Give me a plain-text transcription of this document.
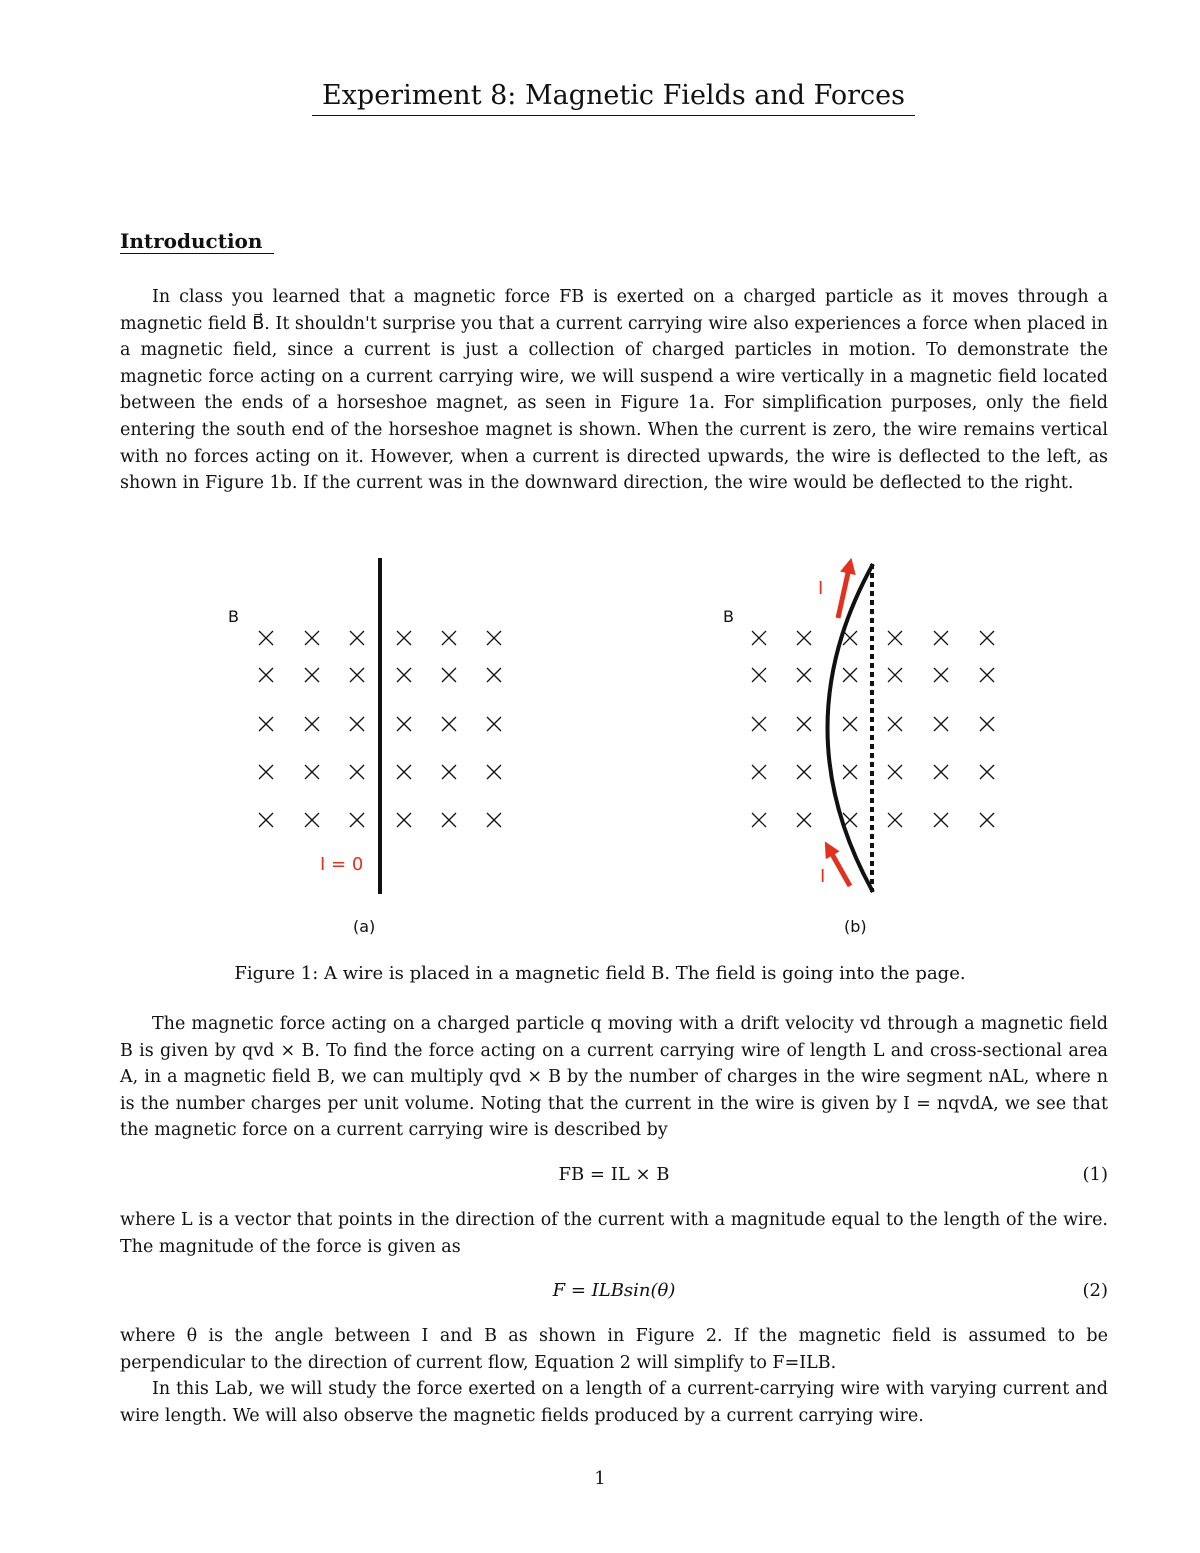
Experiment 8: Magnetic Fields and Forces
Introduction

In class you learned that a magnetic force FB is exerted on a charged particle as it moves through a magnetic field B⃗. It shouldn't surprise you that a current carrying wire also experiences a force when placed in a magnetic field, since a current is just a collection of charged particles in motion. To demonstrate the magnetic force acting on a current carrying wire, we will suspend a wire vertically in a magnetic field located between the ends of a horseshoe magnet, as seen in Figure 1a. For simplification purposes, only the field entering the south end of the horseshoe magnet is shown. When the current is zero, the wire remains vertical with no forces acting on it. However, when a current is directed upwards, the wire is deflected to the left, as shown in Figure 1b. If the current was in the downward direction, the wire would be deflected to the right.

B
I = 0
(a)
B
I
I
(b)
Figure 1: A wire is placed in a magnetic field B. The field is going into the page.

The magnetic force acting on a charged particle q moving with a drift velocity vd through a magnetic field B is given by qvd × B. To find the force acting on a current carrying wire of length L and cross-sectional area A, in a magnetic field B, we can multiply qvd × B by the number of charges in the wire segment nAL, where n is the number charges per unit volume. Noting that the current in the wire is given by I = nqvdA, we see that the magnetic force on a current carrying wire is described by

FB = IL × B	(1)

where L is a vector that points in the direction of the current with a magnitude equal to the length of the wire. The magnitude of the force is given as

F = ILBsin(θ)	(2)

where θ is the angle between I and B as shown in Figure 2. If the magnetic field is assumed to be perpendicular to the direction of current flow, Equation 2 will simplify to F=ILB.

In this Lab, we will study the force exerted on a length of a current-carrying wire with varying current and wire length. We will also observe the magnetic fields produced by a current carrying wire.

1
